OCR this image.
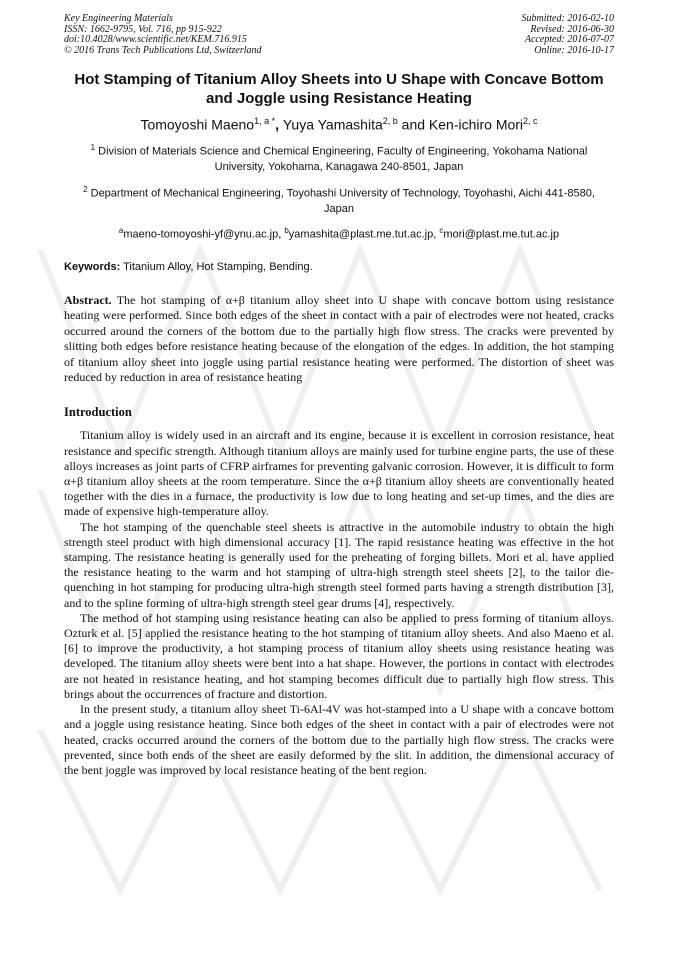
Key Engineering Materials
ISSN: 1662-9795, Vol. 716, pp 915-922
doi:10.4028/www.scientific.net/KEM.716.915
© 2016 Trans Tech Publications Ltd, Switzerland
Submitted: 2016-02-10
Revised: 2016-06-30
Accepted: 2016-07-07
Online: 2016-10-17
Hot Stamping of Titanium Alloy Sheets into U Shape with Concave Bottom and Joggle using Resistance Heating
Tomoyoshi Maeno$^{1, a *}$, Yuya Yamashita$^{2, b}$ and Ken-ichiro Mori$^{2, c}$
$^1$ Division of Materials Science and Chemical Engineering, Faculty of Engineering, Yokohama National University, Yokohama, Kanagawa 240-8501, Japan
$^2$ Department of Mechanical Engineering, Toyohashi University of Technology, Toyohashi, Aichi 441-8580, Japan
$^a$maeno-tomoyoshi-yf@ynu.ac.jp, $^b$yamashita@plast.me.tut.ac.jp, $^c$mori@plast.me.tut.ac.jp
Keywords: Titanium Alloy, Hot Stamping, Bending.
Abstract. The hot stamping of α+β titanium alloy sheet into U shape with concave bottom using resistance heating were performed. Since both edges of the sheet in contact with a pair of electrodes were not heated, cracks occurred around the corners of the bottom due to the partially high flow stress. The cracks were prevented by slitting both edges before resistance heating because of the elongation of the edges. In addition, the hot stamping of titanium alloy sheet into joggle using partial resistance heating were performed. The distortion of sheet was reduced by reduction in area of resistance heating
Introduction

Titanium alloy is widely used in an aircraft and its engine, because it is excellent in corrosion resistance, heat resistance and specific strength. Although titanium alloys are mainly used for turbine engine parts, the use of these alloys increases as joint parts of CFRP airframes for preventing galvanic corrosion. However, it is difficult to form α+β titanium alloy sheets at the room temperature. Since the α+β titanium alloy sheets are conventionally heated together with the dies in a furnace, the productivity is low due to long heating and set-up times, and the dies are made of expensive high-temperature alloy.

The hot stamping of the quenchable steel sheets is attractive in the automobile industry to obtain the high strength steel product with high dimensional accuracy [1]. The rapid resistance heating was effective in the hot stamping. The resistance heating is generally used for the preheating of forging billets. Mori et al. have applied the resistance heating to the warm and hot stamping of ultra-high strength steel sheets [2], to the tailor die-quenching in hot stamping for producing ultra-high strength steel formed parts having a strength distribution [3], and to the spline forming of ultra-high strength steel gear drums [4], respectively.

The method of hot stamping using resistance heating can also be applied to press forming of titanium alloys. Ozturk et al. [5] applied the resistance heating to the hot stamping of titanium alloy sheets. And also Maeno et al.[6] to improve the productivity, a hot stamping process of titanium alloy sheets using resistance heating was developed. The titanium alloy sheets were bent into a hat shape. However, the portions in contact with electrodes are not heated in resistance heating, and hot stamping becomes difficult due to partially high flow stress. This brings about the occurrences of fracture and distortion.

In the present study, a titanium alloy sheet Ti-6Al-4V was hot-stamped into a U shape with a concave bottom and a joggle using resistance heating. Since both edges of the sheet in contact with a pair of electrodes were not heated, cracks occurred around the corners of the bottom due to the partially high flow stress. The cracks were prevented, since both ends of the sheet are easily deformed by the slit. In addition, the dimensional accuracy of the bent joggle was improved by local resistance heating of the bent region.
